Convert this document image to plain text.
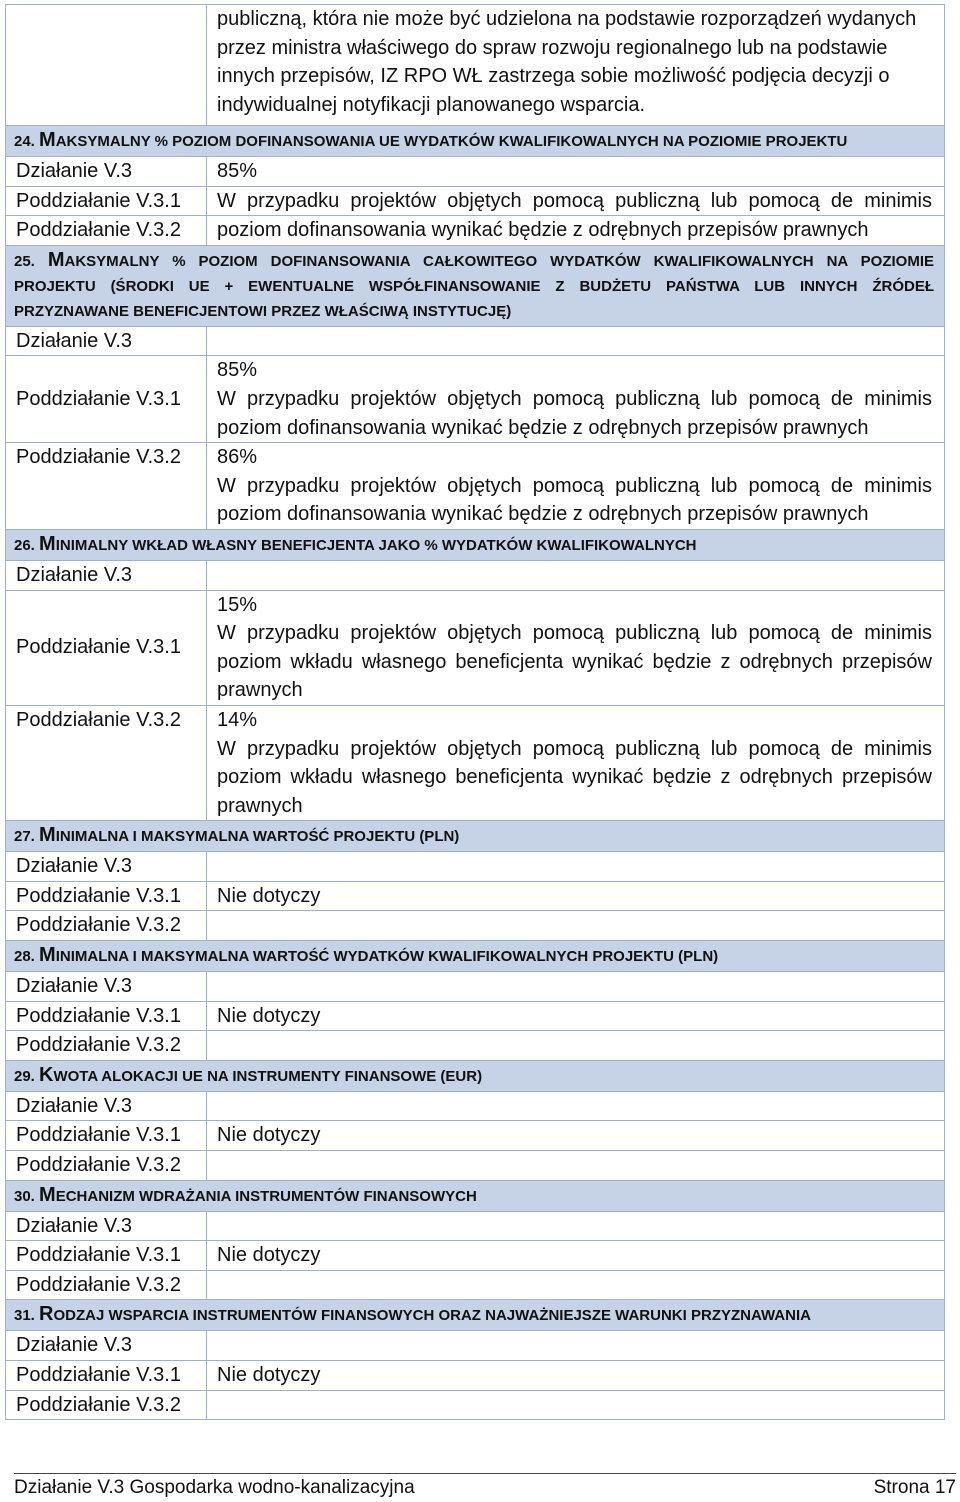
	publiczną, która nie może być udzielona na podstawie rozporządzeń wydanych
przez ministra właściwego do spraw rozwoju regionalnego lub na podstawie
innych przepisów, IZ RPO WŁ zastrzega sobie możliwość podjęcia decyzji o
indywidualnej notyfikacji planowanego wsparcia.

24. MAKSYMALNY % POZIOM DOFINANSOWANIA UE WYDATKÓW KWALIFIKOWALNYCH NA POZIOMIE PROJEKTU	
Działanie V.3	85%
Poddziałanie V.3.1	W przypadku projektów objętych pomocą publiczną lub pomocą de minimis
Poddziałanie V.3.2	poziom dofinansowania wynikać będzie z odrębnych przepisów prawnych
25. MAKSYMALNY % POZIOM DOFINANSOWANIA CAŁKOWITEGO WYDATKÓW KWALIFIKOWALNYCH NA POZIOMIE PROJEKTU (ŚRODKI UE + EWENTUALNE WSPÓŁFINANSOWANIE Z BUDŻETU PAŃSTWA LUB INNYCH ŹRÓDEŁ PRZYZNAWANE BENEFICJENTOWI PRZEZ WŁAŚCIWĄ INSTYTUCJĘ)	
Działanie V.3	
Poddziałanie V.3.1	85%
W przypadku projektów objętych pomocą publiczną lub pomocą de minimis
poziom dofinansowania wynikać będzie z odrębnych przepisów prawnych

Poddziałanie V.3.2	86%
W przypadku projektów objętych pomocą publiczną lub pomocą de minimis
poziom dofinansowania wynikać będzie z odrębnych przepisów prawnych

26. MINIMALNY WKŁAD WŁASNY BENEFICJENTA JAKO % WYDATKÓW KWALIFIKOWALNYCH	
Działanie V.3	
Poddziałanie V.3.1	15%
W przypadku projektów objętych pomocą publiczną lub pomocą de minimis
poziom wkładu własnego beneficjenta wynikać będzie z odrębnych przepisów
prawnych

Poddziałanie V.3.2	14%
W przypadku projektów objętych pomocą publiczną lub pomocą de minimis
poziom wkładu własnego beneficjenta wynikać będzie z odrębnych przepisów
prawnych

27. MINIMALNA I MAKSYMALNA WARTOŚĆ PROJEKTU (PLN)	
Działanie V.3	
Poddziałanie V.3.1	Nie dotyczy
Poddziałanie V.3.2	
28. MINIMALNA I MAKSYMALNA WARTOŚĆ WYDATKÓW KWALIFIKOWALNYCH PROJEKTU (PLN)	
Działanie V.3	
Poddziałanie V.3.1	Nie dotyczy
Poddziałanie V.3.2	
29. KWOTA ALOKACJI UE NA INSTRUMENTY FINANSOWE (EUR)	
Działanie V.3	
Poddziałanie V.3.1	Nie dotyczy
Poddziałanie V.3.2	
30. MECHANIZM WDRAŻANIA INSTRUMENTÓW FINANSOWYCH	
Działanie V.3	
Poddziałanie V.3.1	Nie dotyczy
Poddziałanie V.3.2	
31. RODZAJ WSPARCIA INSTRUMENTÓW FINANSOWYCH ORAZ NAJWAŻNIEJSZE WARUNKI PRZYZNAWANIA	
Działanie V.3	
Poddziałanie V.3.1	Nie dotyczy
Poddziałanie V.3.2	
Działanie V.3 Gospodarka wodno-kanalizacyjna	Strona 17
